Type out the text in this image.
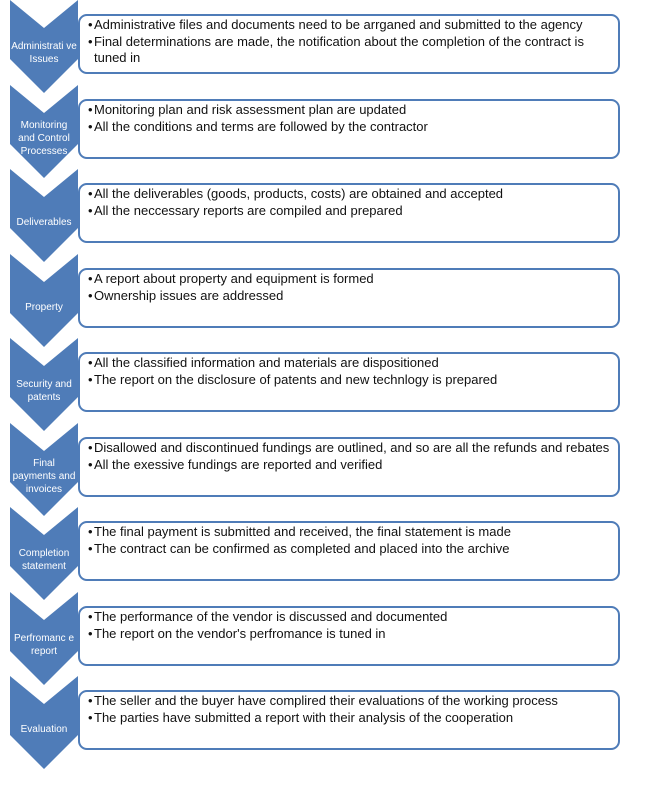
Administrati ve Issues
• Administrative files and documents need to be arrganed and submitted to the agency
• Final determinations are made, the notification about the completion of the contract is tuned in
Monitoring and Control Processes
• Monitoring plan and risk assessment plan are updated
• All the conditions and terms are followed by the contractor
Deliverables
• All the deliverables (goods, products, costs) are obtained and accepted
• All the neccessary reports are compiled and prepared
Property
• A report about property and equipment is formed
• Ownership issues are addressed
Security and patents
• All the classified information and materials are dispositioned
• The report on the disclosure of patents and new technlogy is prepared
Final payments and invoices
• Disallowed and discontinued fundings are outlined, and so are all the refunds and rebates
• All the exessive fundings are reported and verified
Completion statement
• The final payment is submitted and received, the final statement is made
• The contract can be confirmed as completed and placed into the archive
Perfromanc e report
• The performance of the vendor is discussed and documented
• The report on the vendor's perfromance is tuned in
Evaluation
• The seller and the buyer have complired their evaluations of the working process
• The parties have submitted a report with their analysis of the cooperation
